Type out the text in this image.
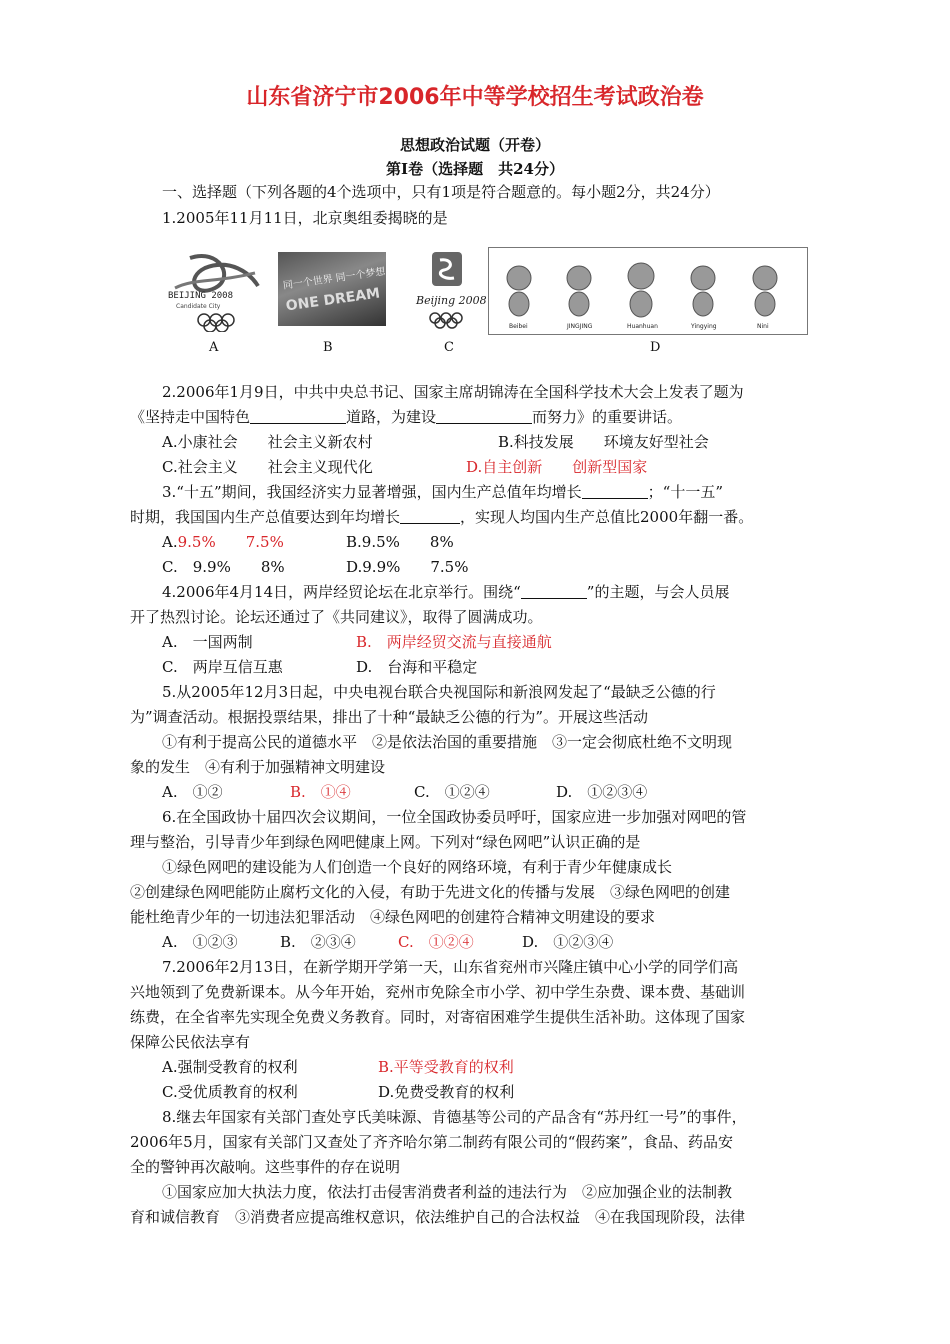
山东省济宁市2006年中等学校招生考试政治卷
思想政治试题（开卷）
第Ⅰ卷（选择题　共24分）
一、选择题（下列各题的4个选项中，只有1项是符合题意的。每小题2分，共24分）
1.2005年11月11日，北京奥组委揭晓的是
BEIJING 2008
Candidate City
同一个世界 同一个梦想
ONE DREAM	Beijing 2008
Beibei	JINGJING	Huanhuan	Yingying	Nini
A	B	C	D
2.2006年1月9日，中共中央总书记、国家主席胡锦涛在全国科学技术大会上发表了题为
《坚持走中国特色	道路，为建设	而努力》的重要讲话。
A.小康社会　　社会主义新农村	B.科技发展　　环境友好型社会
C.社会主义　　社会主义现代化	D.自主创新　　创新型国家
3.“十五”期间，我国经济实力显著增强，国内生产总值年均增长	；“十一五”
时期，我国国内生产总值要达到年均增长	，实现人均国内生产总值比2000年翻一番。
A.9.5%　　7.5%	B.9.5%　　8%
C.　9.9%　　8%	D.9.9%　　7.5%
4.2006年4月14日，两岸经贸论坛在北京举行。围绕“	”的主题，与会人员展
开了热烈讨论。论坛还通过了《共同建议》，取得了圆满成功。
A.　一国两制	B.　两岸经贸交流与直接通航
C.　两岸互信互惠	D.　台海和平稳定
5.从2005年12月3日起，中央电视台联合央视国际和新浪网发起了“最缺乏公德的行
为”调查活动。根据投票结果，排出了十种“最缺乏公德的行为”。开展这些活动
①有利于提高公民的道德水平　②是依法治国的重要措施　③一定会彻底杜绝不文明现
象的发生　④有利于加强精神文明建设
A.　①②	B.　①④	C.　①②④	D.　①②③④
6.在全国政协十届四次会议期间，一位全国政协委员呼吁，国家应进一步加强对网吧的管
理与整治，引导青少年到绿色网吧健康上网。下列对“绿色网吧”认识正确的是
①绿色网吧的建设能为人们创造一个良好的网络环境，有利于青少年健康成长
②创建绿色网吧能防止腐朽文化的入侵，有助于先进文化的传播与发展　③绿色网吧的创建
能杜绝青少年的一切违法犯罪活动　④绿色网吧的创建符合精神文明建设的要求
A.　①②③	B.　②③④	C.　①②④	D.　①②③④
7.2006年2月13日，在新学期开学第一天，山东省兖州市兴隆庄镇中心小学的同学们高
兴地领到了免费新课本。从今年开始，兖州市免除全市小学、初中学生杂费、课本费、基础训
练费，在全省率先实现全免费义务教育。同时，对寄宿困难学生提供生活补助。这体现了国家
保障公民依法享有
A.强制受教育的权利	B.平等受教育的权利
C.受优质教育的权利	D.免费受教育的权利
8.继去年国家有关部门查处亨氏美味源、肯德基等公司的产品含有“苏丹红一号”的事件，
2006年5月，国家有关部门又查处了齐齐哈尔第二制药有限公司的“假药案”，食品、药品安
全的警钟再次敲响。这些事件的存在说明
①国家应加大执法力度，依法打击侵害消费者利益的违法行为　②应加强企业的法制教
育和诚信教育　③消费者应提高维权意识，依法维护自己的合法权益　④在我国现阶段，法律
